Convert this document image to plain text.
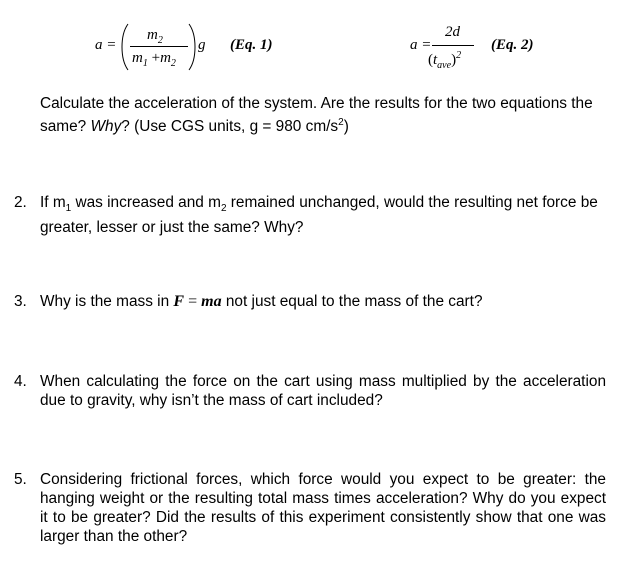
a =
$m_2$
$m_1 +m_2$
g (Eq. 1)	a =
2d
$(t_{ave})^2$
(Eq. 2)
Calculate the acceleration of the system. Are the results for the two equations the same? Why? (Use CGS units, g = 980 $cm/s^2$)
2. If $m_1$ was increased and $m_2$ remained unchanged, would the resulting net force be greater, lesser or just the same? Why?
3. Why is the mass in F = ma not just equal to the mass of the cart?
4. When calculating the force on the cart using mass multiplied by the acceleration due to gravity, why isn’t the mass of cart included?
5. Considering frictional forces, which force would you expect to be greater: the hanging weight or the resulting total mass times acceleration? Why do you expect it to be greater? Did the results of this experiment consistently show that one was larger than the other?
